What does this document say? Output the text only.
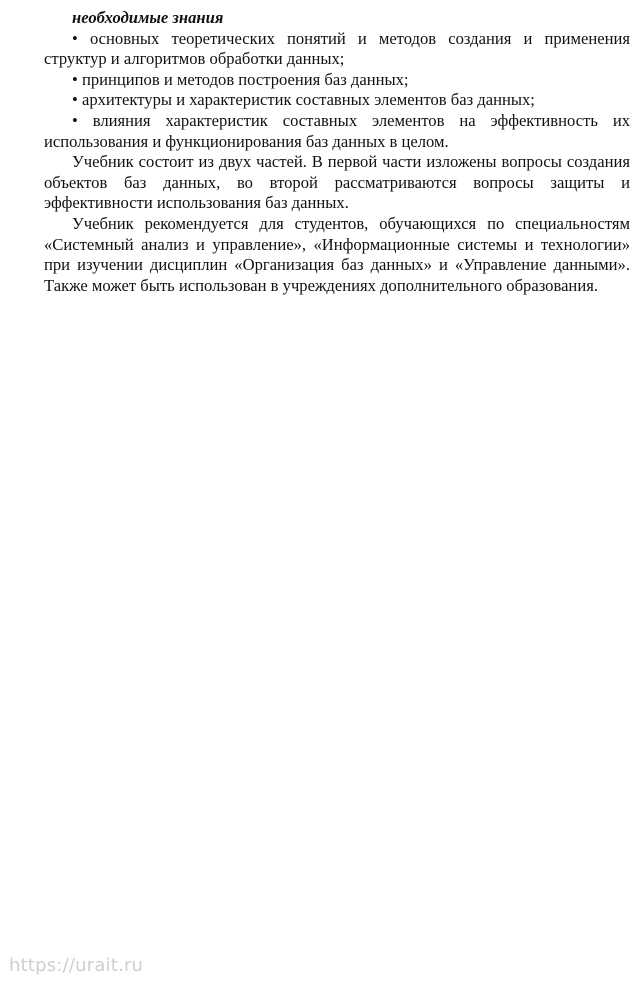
необходимые знания

• основных теоретических понятий и методов создания и применения структур и алгоритмов обработки данных;

• принципов и методов построения баз данных;

• архитектуры и характеристик составных элементов баз данных;

• влияния характеристик составных элементов на эффективность их использования и функционирования баз данных в целом.

Учебник состоит из двух частей. В первой части изложены вопросы создания объектов баз данных, во второй рассматриваются вопросы защиты и эффективности использования баз данных.

Учебник рекомендуется для студентов, обучающихся по специальностям «Системный анализ и управление», «Информационные системы и технологии» при изучении дисциплин «Организация баз данных» и «Управление данными». Также может быть использован в учреждениях дополнительного образования.

https://urait.ru
